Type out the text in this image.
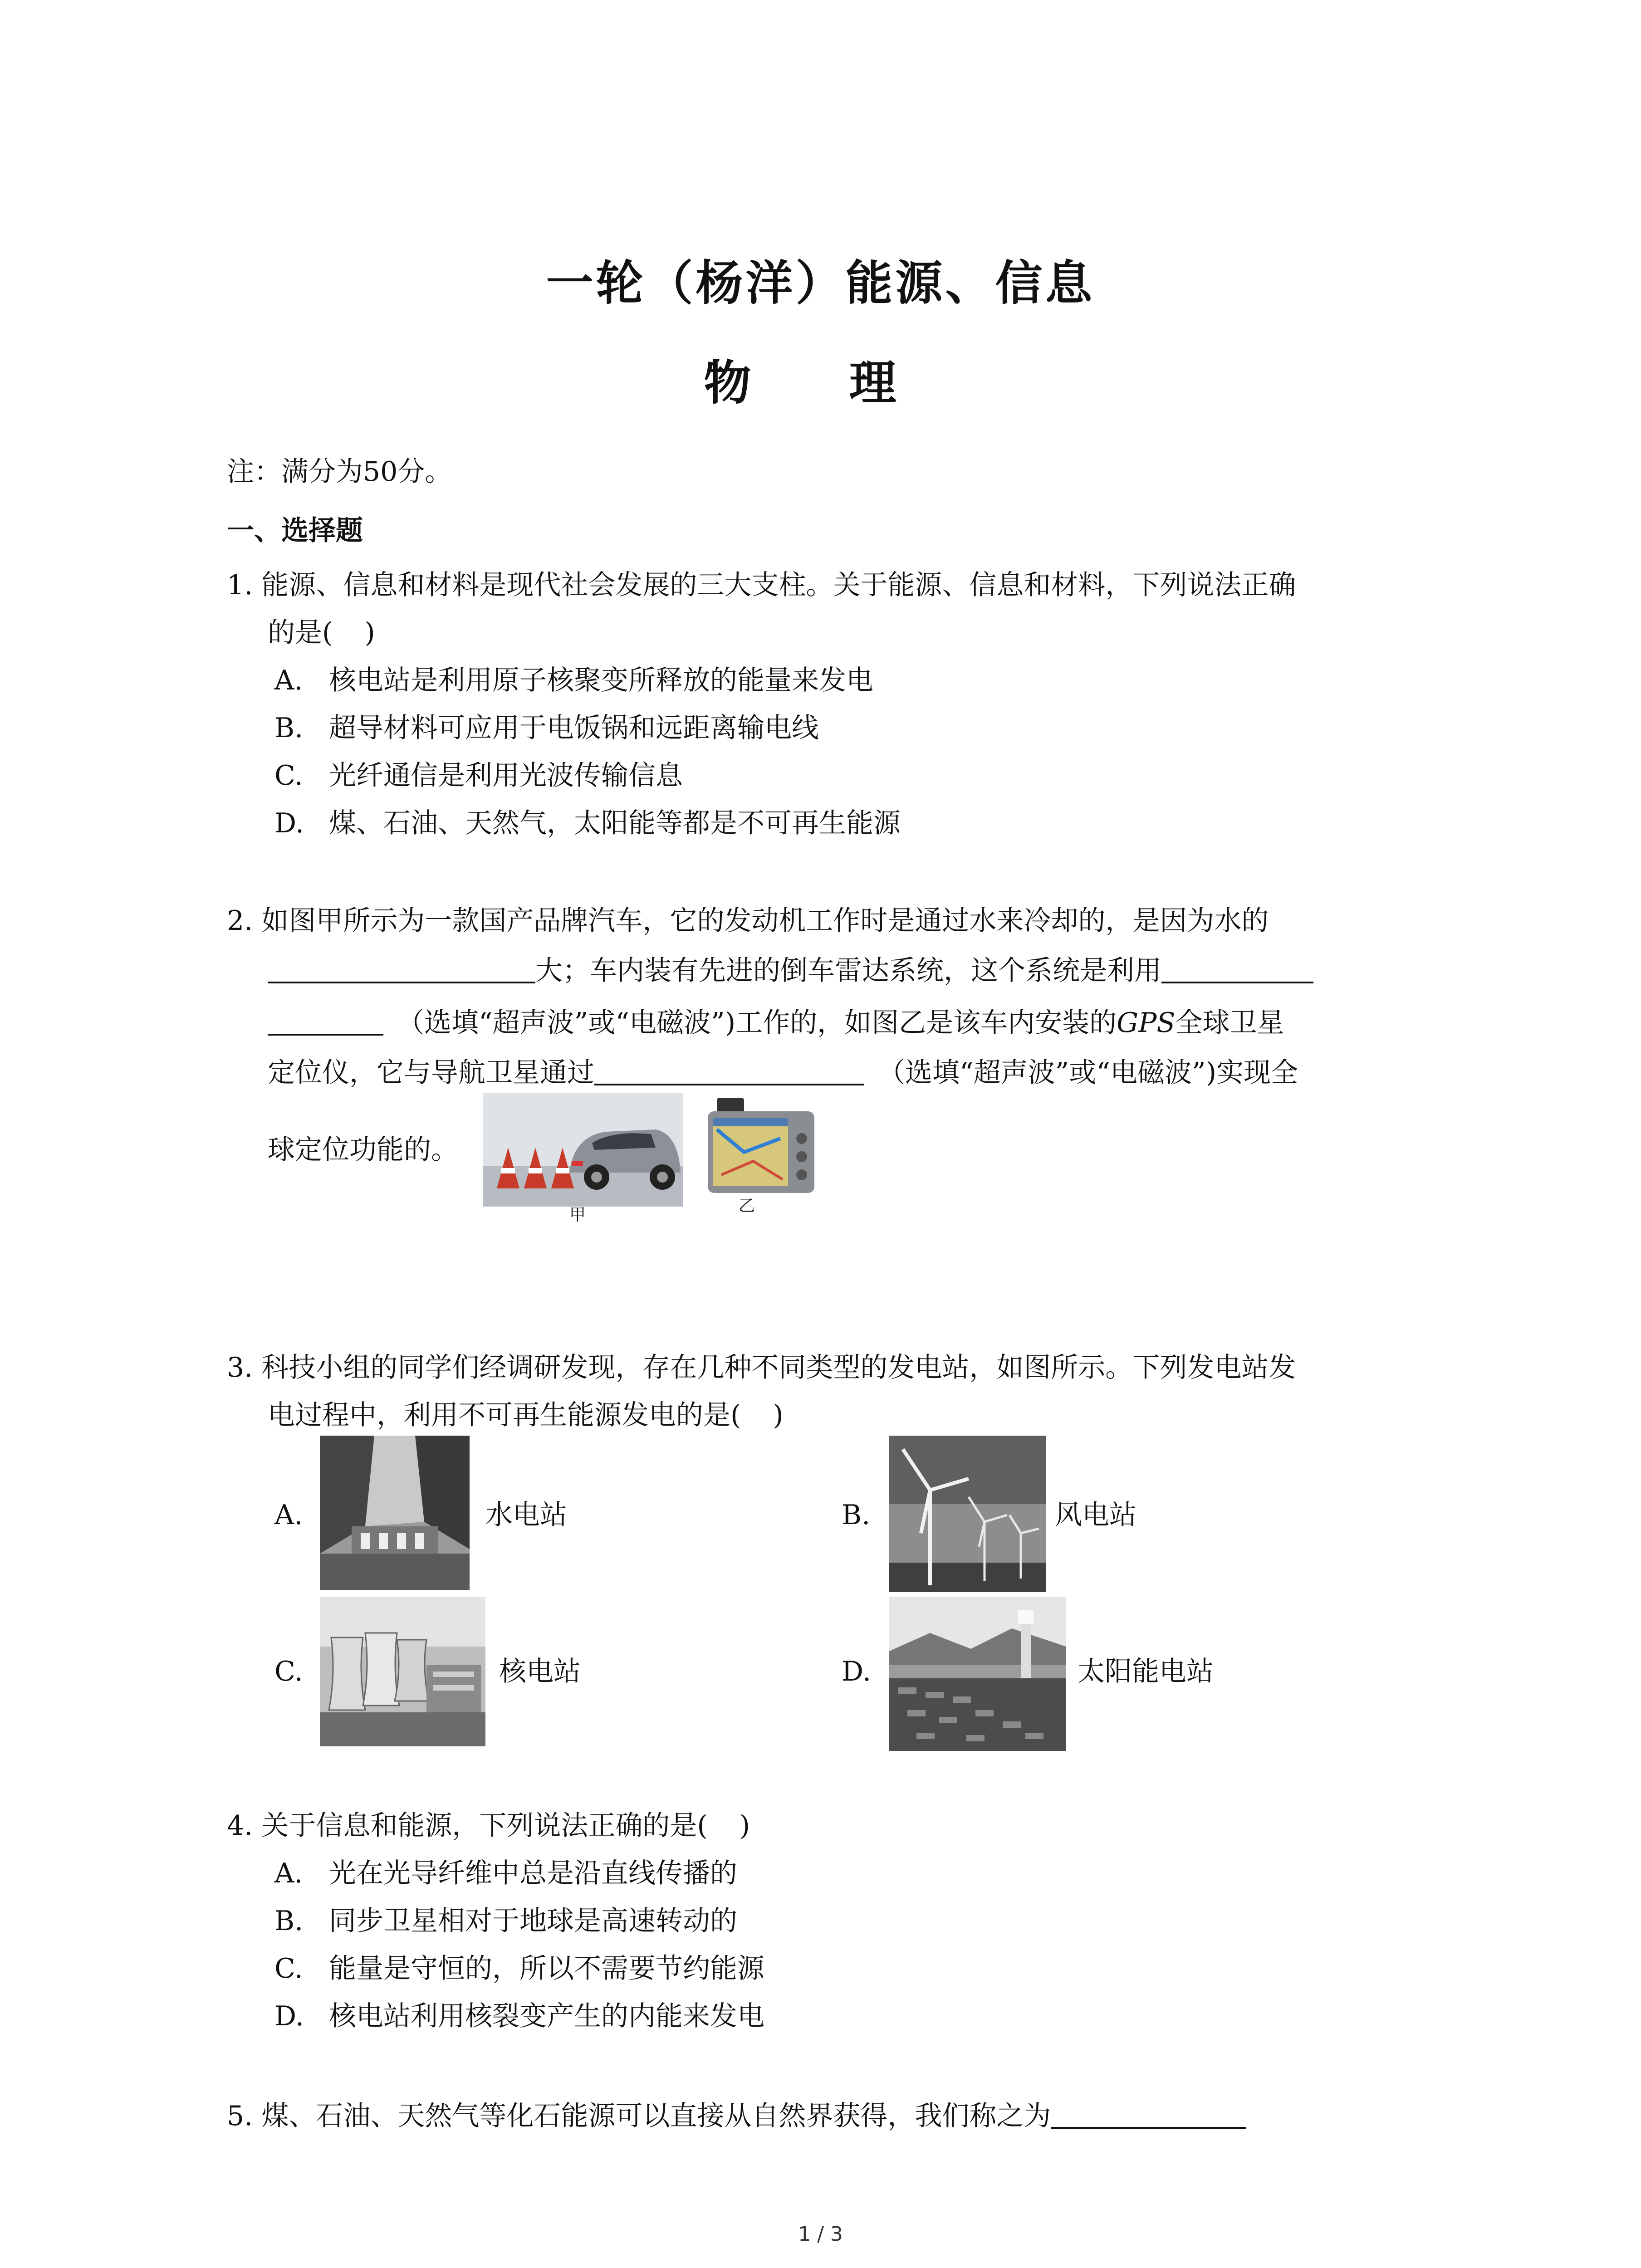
一轮（杨洋）能源、信息
物 理
注：满分为50分。
一、选择题
1. 能源、信息和材料是现代社会发展的三大支柱。关于能源、信息和材料，下列说法正确
的是( )
A. 核电站是利用原子核聚变所释放的能量来发电
B. 超导材料可应用于电饭锅和远距离输电线
C. 光纤通信是利用光波传输信息
D. 煤、石油、天然气，太阳能等都是不可再生能源
2. 如图甲所示为一款国产品牌汽车，它的发动机工作时是通过水来冷却的，是因为水的
大；车内装有先进的倒车雷达系统，这个系统是利用
（选填“超声波”或“电磁波”)工作的，如图乙是该车内安装的GPS全球卫星
定位仪，它与导航卫星通过	（选填“超声波”或“电磁波”)实现全
球定位功能的。
甲	乙
3. 科技小组的同学们经调研发现，存在几种不同类型的发电站，如图所示。下列发电站发
电过程中，利用不可再生能源发电的是( )
A.	水电站	B.	风电站
C.	核电站	D.	太阳能电站
4. 关于信息和能源，下列说法正确的是( )
A. 光在光导纤维中总是沿直线传播的
B. 同步卫星相对于地球是高速转动的
C. 能量是守恒的，所以不需要节约能源
D. 核电站利用核裂变产生的内能来发电
5. 煤、石油、天然气等化石能源可以直接从自然界获得，我们称之为
1 / 3
